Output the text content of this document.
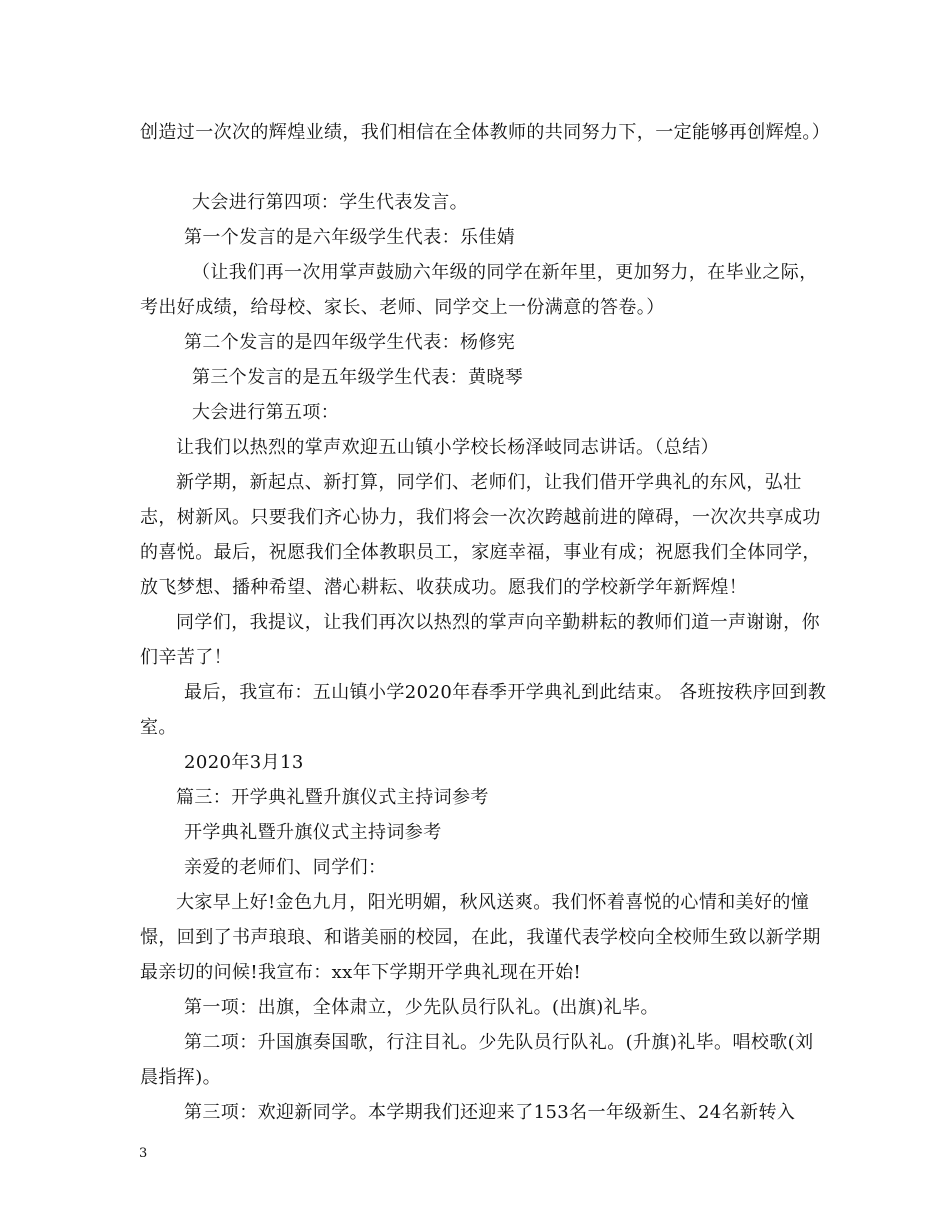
创造过一次次的辉煌业绩，我们相信在全体教师的共同努力下，一定能够再创辉煌。）
大会进行第四项：学生代表发言。
第一个发言的是六年级学生代表：乐佳婧
（让我们再一次用掌声鼓励六年级的同学在新年里，更加努力，在毕业之际，考出好成绩，给母校、家长、老师、同学交上一份满意的答卷。）
第二个发言的是四年级学生代表：杨修宪
第三个发言的是五年级学生代表：黄晓琴
大会进行第五项：
让我们以热烈的掌声欢迎五山镇小学校长杨泽岐同志讲话。（总结）
新学期，新起点、新打算，同学们、老师们，让我们借开学典礼的东风，弘壮志，树新风。只要我们齐心协力，我们将会一次次跨越前进的障碍，一次次共享成功的喜悦。最后，祝愿我们全体教职员工，家庭幸福，事业有成；祝愿我们全体同学，放飞梦想、播种希望、潜心耕耘、收获成功。愿我们的学校新学年新辉煌！
同学们，我提议，让我们再次以热烈的掌声向辛勤耕耘的教师们道一声谢谢，你们辛苦了！
最后，我宣布：五山镇小学2020年春季开学典礼到此结束。 各班按秩序回到教室。
2020年3月13
篇三：开学典礼暨升旗仪式主持词参考
开学典礼暨升旗仪式主持词参考
亲爱的老师们、同学们：
大家早上好!金色九月，阳光明媚，秋风送爽。我们怀着喜悦的心情和美好的憧憬，回到了书声琅琅、和谐美丽的校园，在此，我谨代表学校向全校师生致以新学期最亲切的问候!我宣布：xx年下学期开学典礼现在开始!
第一项：出旗，全体肃立，少先队员行队礼。(出旗)礼毕。
第二项：升国旗奏国歌，行注目礼。少先队员行队礼。(升旗)礼毕。唱校歌(刘晨指挥)。
第三项：欢迎新同学。本学期我们还迎来了153名一年级新生、24名新转入
3
